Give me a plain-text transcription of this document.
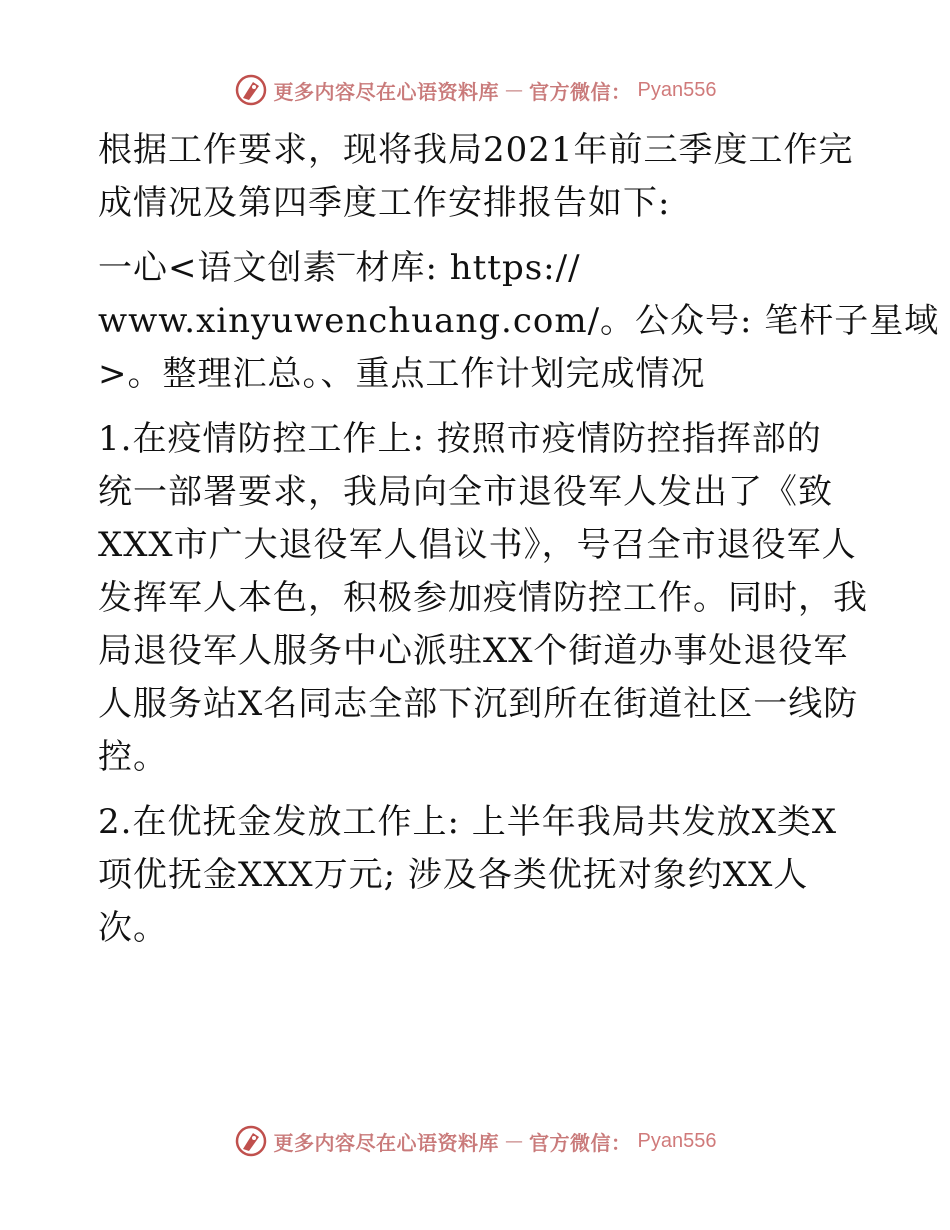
更多内容尽在心语资料库 — 官方微信： Pyan556
根据工作要求，现将我局2021年前三季度工作完
成情况及第四季度工作安排报告如下:
一心<语文创素‾材库: https://
www.xinyuwenchuang.com/。公众号: 笔杆子星域
>。整理汇总。、重点工作计划完成情况
1.在疫情防控工作上: 按照市疫情防控指挥部的
统一部署要求，我局向全市退役军人发出了《致
XXX市广大退役军人倡议书》，号召全市退役军人
发挥军人本色，积极参加疫情防控工作。同时，我
局退役军人服务中心派驻XX个街道办事处退役军
人服务站X名同志全部下沉到所在街道社区一线防
控。
2.在优抚金发放工作上: 上半年我局共发放X类X
项优抚金XXX万元; 涉及各类优抚对象约XX人
次。
更多内容尽在心语资料库 — 官方微信： Pyan556
